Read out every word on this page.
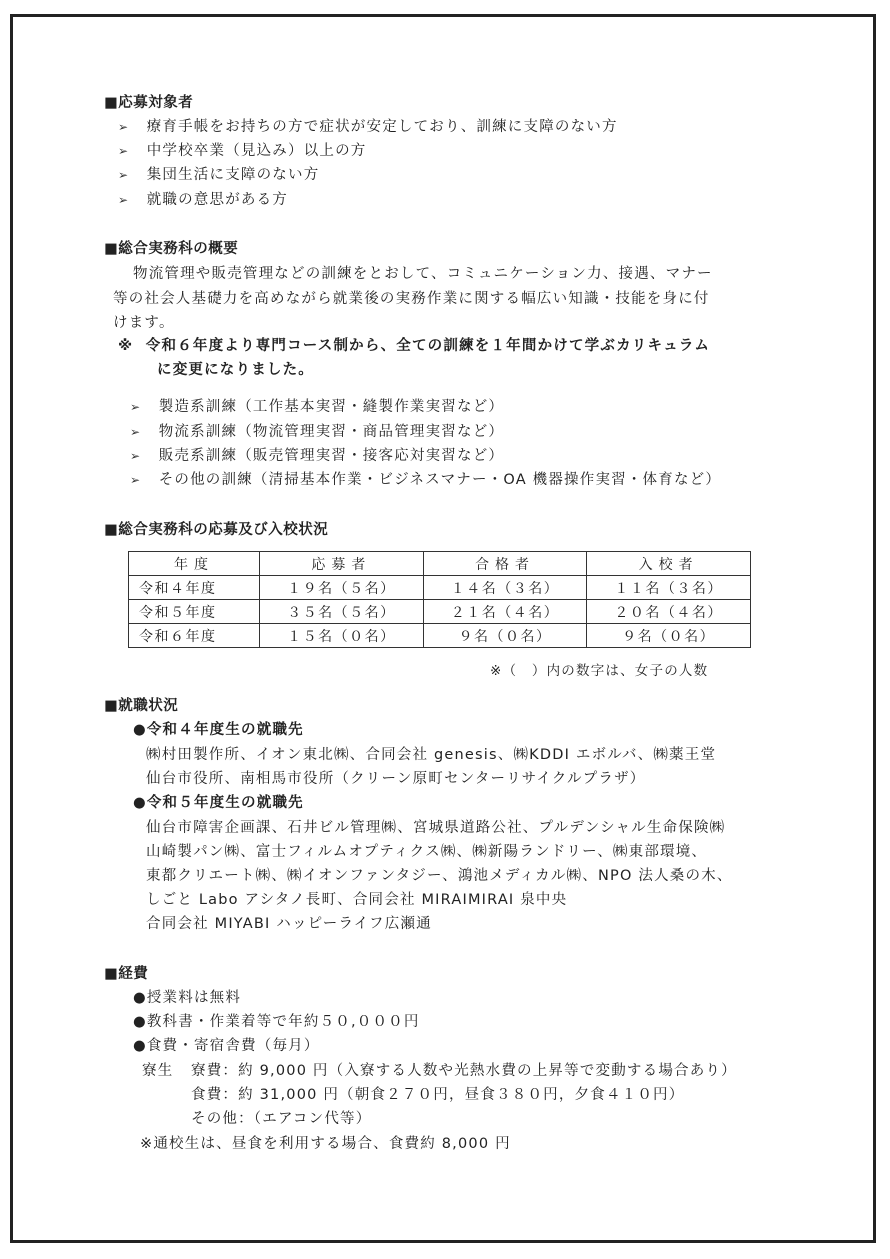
■応募対象者
➢ 療育手帳をお持ちの方で症状が安定しており、訓練に支障のない方
➢ 中学校卒業（見込み）以上の方
➢ 集団生活に支障のない方
➢ 就職の意思がある方
■総合実務科の概要
物流管理や販売管理などの訓練をとおして、コミュニケーション力、接遇、マナー
等の社会人基礎力を高めながら就業後の実務作業に関する幅広い知識・技能を身に付
けます。
※ 令和６年度より専門コース制から、全ての訓練を１年間かけて学ぶカリキュラム
に変更になりました。
➢ 製造系訓練（工作基本実習・縫製作業実習など）
➢ 物流系訓練（物流管理実習・商品管理実習など）
➢ 販売系訓練（販売管理実習・接客応対実習など）
➢ その他の訓練（清掃基本作業・ビジネスマナー・OA 機器操作実習・体育など）
■総合実務科の応募及び入校状況
年度	応募者	合格者	入校者
令和４年度	１９名（５名）	１４名（３名）	１１名（３名）
令和５年度	３５名（５名）	２１名（４名）	２０名（４名）
令和６年度	１５名（０名）	９名（０名）	９名（０名）
※（　）内の数字は、女子の人数
■就職状況
●令和４年度生の就職先
㈱村田製作所、イオン東北㈱、合同会社 genesis、㈱KDDI エボルバ、㈱薬王堂
仙台市役所、南相馬市役所（クリーン原町センターリサイクルプラザ）
●令和５年度生の就職先
仙台市障害企画課、石井ビル管理㈱、宮城県道路公社、プルデンシャル生命保険㈱
山崎製パン㈱、富士フィルムオプティクス㈱、㈱新陽ランドリー、㈱東部環境、
東都クリエート㈱、㈱イオンファンタジー、鴻池メディカル㈱、NPO 法人桑の木、
しごと Labo アシタノ長町、合同会社 MIRAIMIRAI 泉中央
合同会社 MIYABI ハッピーライフ広瀬通
■経費
●授業料は無料
●教科書・作業着等で年約５０,０００円
●食費・寄宿舎費（毎月）
寮生 寮費：約 9,000 円（入寮する人数や光熱水費の上昇等で変動する場合あり）
食費：約 31,000 円（朝食２７０円，昼食３８０円，夕食４１０円）
その他：（エアコン代等）
※通校生は、昼食を利用する場合、食費約 8,000 円
